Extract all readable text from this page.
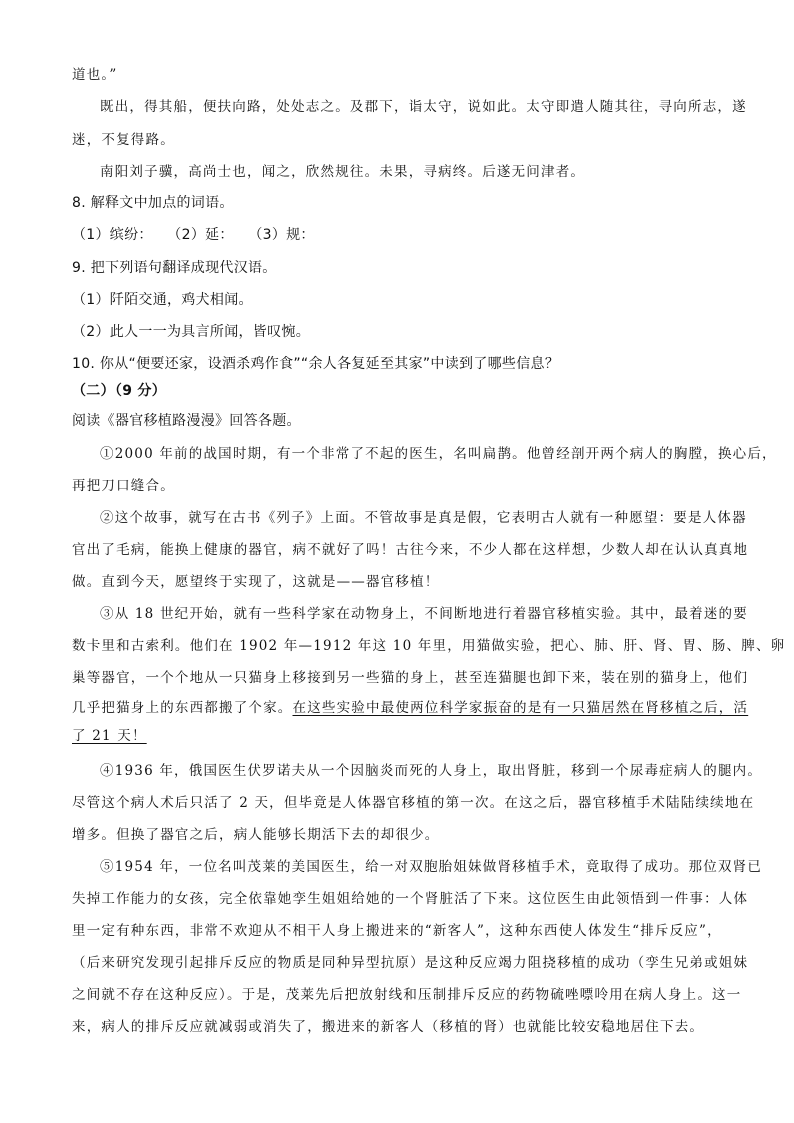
道也。”
既出，得其船，便扶向路，处处志之。及郡下，诣太守，说如此。太守即遣人随其往，寻向所志，遂
迷，不复得路。
南阳刘子骥，高尚士也，闻之，欣然规往。未果，寻病终。后遂无问津者。
8. 解释文中加点的词语。
（1）缤纷：　　（2）延：　　（3）规：
9. 把下列语句翻译成现代汉语。
（1）阡陌交通，鸡犬相闻。
（2）此人一一为具言所闻，皆叹惋。
10. 你从“便要还家，设酒杀鸡作食”“余人各复延至其家”中读到了哪些信息？
（二）（9 分）
阅读《器官移植路漫漫》回答各题。
①2000 年前的战国时期，有一个非常了不起的医生，名叫扁鹊。他曾经剖开两个病人的胸膛，换心后，
再把刀口缝合。
②这个故事，就写在古书《列子》上面。不管故事是真是假，它表明古人就有一种愿望：要是人体器
官出了毛病，能换上健康的器官，病不就好了吗！古往今来，不少人都在这样想，少数人却在认认真真地
做。直到今天，愿望终于实现了，这就是——器官移植！
③从 18 世纪开始，就有一些科学家在动物身上，不间断地进行着器官移植实验。其中，最着迷的要
数卡里和古索利。他们在 1902 年—1912 年这 10 年里，用猫做实验，把心、肺、肝、肾、胃、肠、脾、卵
巢等器官，一个个地从一只猫身上移接到另一些猫的身上，甚至连猫腿也卸下来，装在别的猫身上，他们
几乎把猫身上的东西都搬了个家。在这些实验中最使两位科学家振奋的是有一只猫居然在肾移植之后，活
了 21 天！
④1936 年，俄国医生伏罗诺夫从一个因脑炎而死的人身上，取出肾脏，移到一个尿毒症病人的腿内。
尽管这个病人术后只活了 2 天，但毕竟是人体器官移植的第一次。在这之后，器官移植手术陆陆续续地在
增多。但换了器官之后，病人能够长期活下去的却很少。
⑤1954 年，一位名叫茂莱的美国医生，给一对双胞胎姐妹做肾移植手术，竟取得了成功。那位双肾已
失掉工作能力的女孩，完全依靠她孪生姐姐给她的一个肾脏活了下来。这位医生由此领悟到一件事：人体
里一定有种东西，非常不欢迎从不相干人身上搬进来的“新客人”，这种东西使人体发生“排斥反应”，
（后来研究发现引起排斥反应的物质是同种异型抗原）是这种反应竭力阻挠移植的成功（孪生兄弟或姐妹
之间就不存在这种反应）。于是，茂莱先后把放射线和压制排斥反应的药物硫唑嘌呤用在病人身上。这一
来，病人的排斥反应就减弱或消失了，搬进来的新客人（移植的肾）也就能比较安稳地居住下去。
